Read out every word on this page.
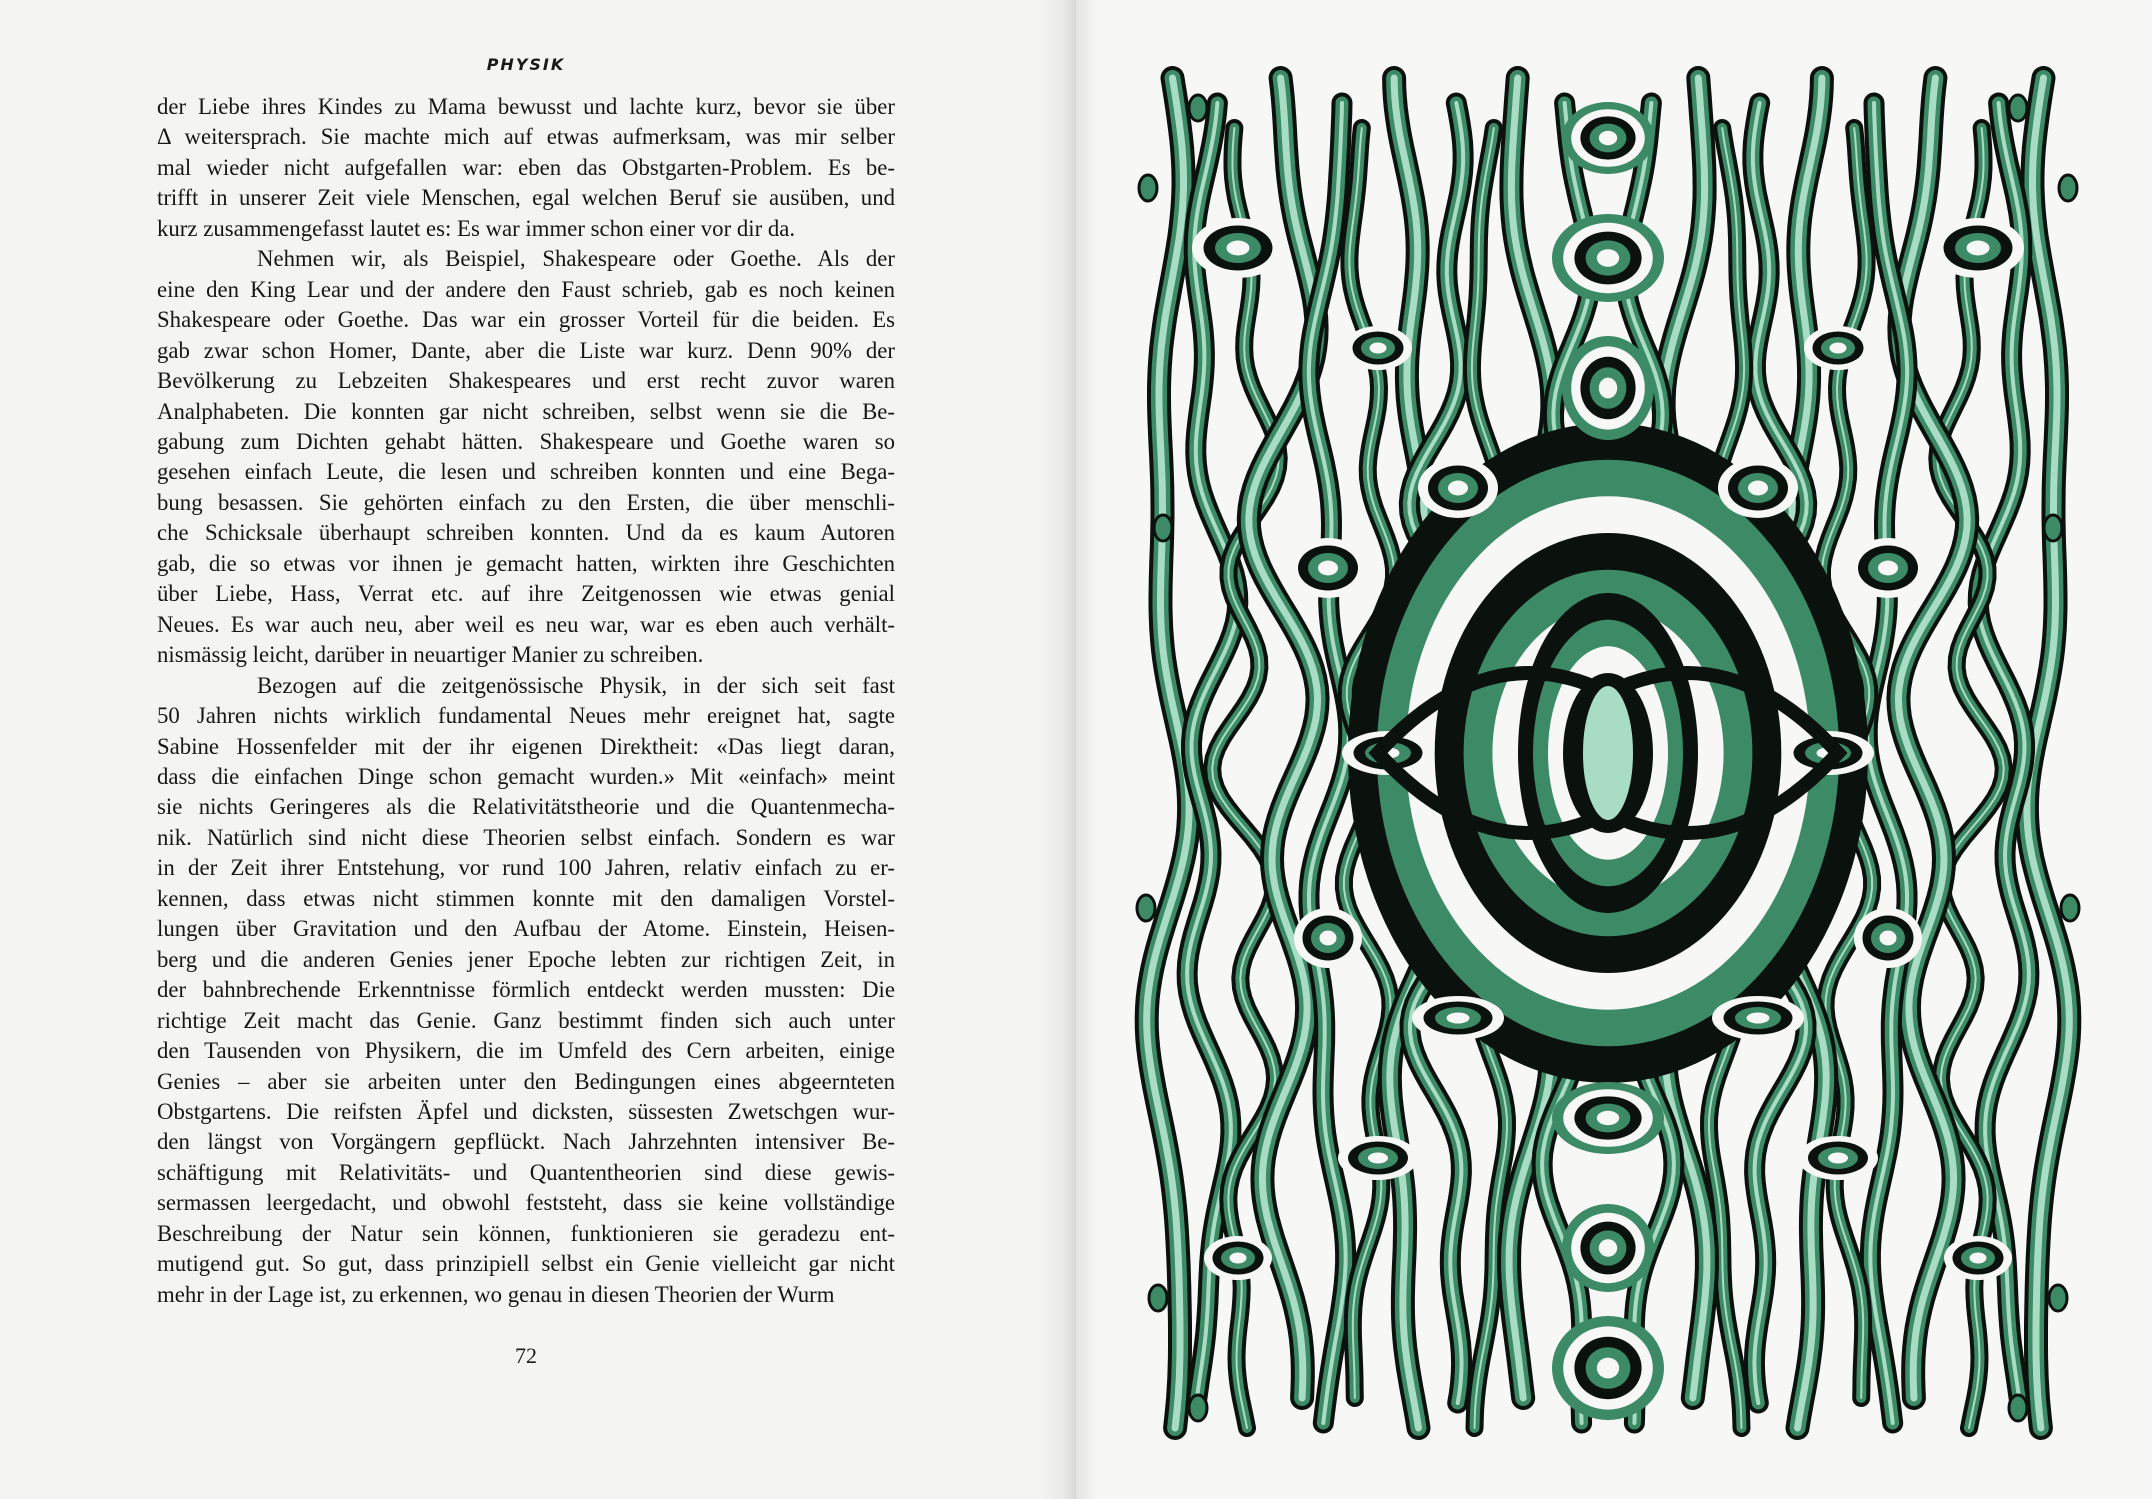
PHYSIK

der Liebe ihres Kindes zu Mama bewusst und lachte kurz, bevor sie über

Δ weitersprach. Sie machte mich auf etwas aufmerksam, was mir selber

mal wieder nicht aufgefallen war: eben das Obstgarten-Problem. Es be-

trifft in unserer Zeit viele Menschen, egal welchen Beruf sie ausüben, und

kurz zusammengefasst lautet es: Es war immer schon einer vor dir da.

Nehmen wir, als Beispiel, Shakespeare oder Goethe. Als der

eine den King Lear und der andere den Faust schrieb, gab es noch keinen

Shakespeare oder Goethe. Das war ein grosser Vorteil für die beiden. Es

gab zwar schon Homer, Dante, aber die Liste war kurz. Denn 90% der

Bevölkerung zu Lebzeiten Shakespeares und erst recht zuvor waren

Analphabeten. Die konnten gar nicht schreiben, selbst wenn sie die Be-

gabung zum Dichten gehabt hätten. Shakespeare und Goethe waren so

gesehen einfach Leute, die lesen und schreiben konnten und eine Bega-

bung besassen. Sie gehörten einfach zu den Ersten, die über menschli-

che Schicksale überhaupt schreiben konnten. Und da es kaum Autoren

gab, die so etwas vor ihnen je gemacht hatten, wirkten ihre Geschichten

über Liebe, Hass, Verrat etc. auf ihre Zeitgenossen wie etwas genial

Neues. Es war auch neu, aber weil es neu war, war es eben auch verhält-

nismässig leicht, darüber in neuartiger Manier zu schreiben.

Bezogen auf die zeitgenössische Physik, in der sich seit fast

50 Jahren nichts wirklich fundamental Neues mehr ereignet hat, sagte

Sabine Hossenfelder mit der ihr eigenen Direktheit: «Das liegt daran,

dass die einfachen Dinge schon gemacht wurden.» Mit «einfach» meint

sie nichts Geringeres als die Relativitätstheorie und die Quantenmecha-

nik. Natürlich sind nicht diese Theorien selbst einfach. Sondern es war

in der Zeit ihrer Entstehung, vor rund 100 Jahren, relativ einfach zu er-

kennen, dass etwas nicht stimmen konnte mit den damaligen Vorstel-

lungen über Gravitation und den Aufbau der Atome. Einstein, Heisen-

berg und die anderen Genies jener Epoche lebten zur richtigen Zeit, in

der bahnbrechende Erkenntnisse förmlich entdeckt werden mussten: Die

richtige Zeit macht das Genie. Ganz bestimmt finden sich auch unter

den Tausenden von Physikern, die im Umfeld des Cern arbeiten, einige

Genies – aber sie arbeiten unter den Bedingungen eines abgeernteten

Obstgartens. Die reifsten Äpfel und dicksten, süssesten Zwetschgen wur-

den längst von Vorgängern gepflückt. Nach Jahrzehnten intensiver Be-

schäftigung mit Relativitäts- und Quantentheorien sind diese gewis-

sermassen leergedacht, und obwohl feststeht, dass sie keine vollständige

Beschreibung der Natur sein können, funktionieren sie geradezu ent-

mutigend gut. So gut, dass prinzipiell selbst ein Genie vielleicht gar nicht

mehr in der Lage ist, zu erkennen, wo genau in diesen Theorien der Wurm

72
